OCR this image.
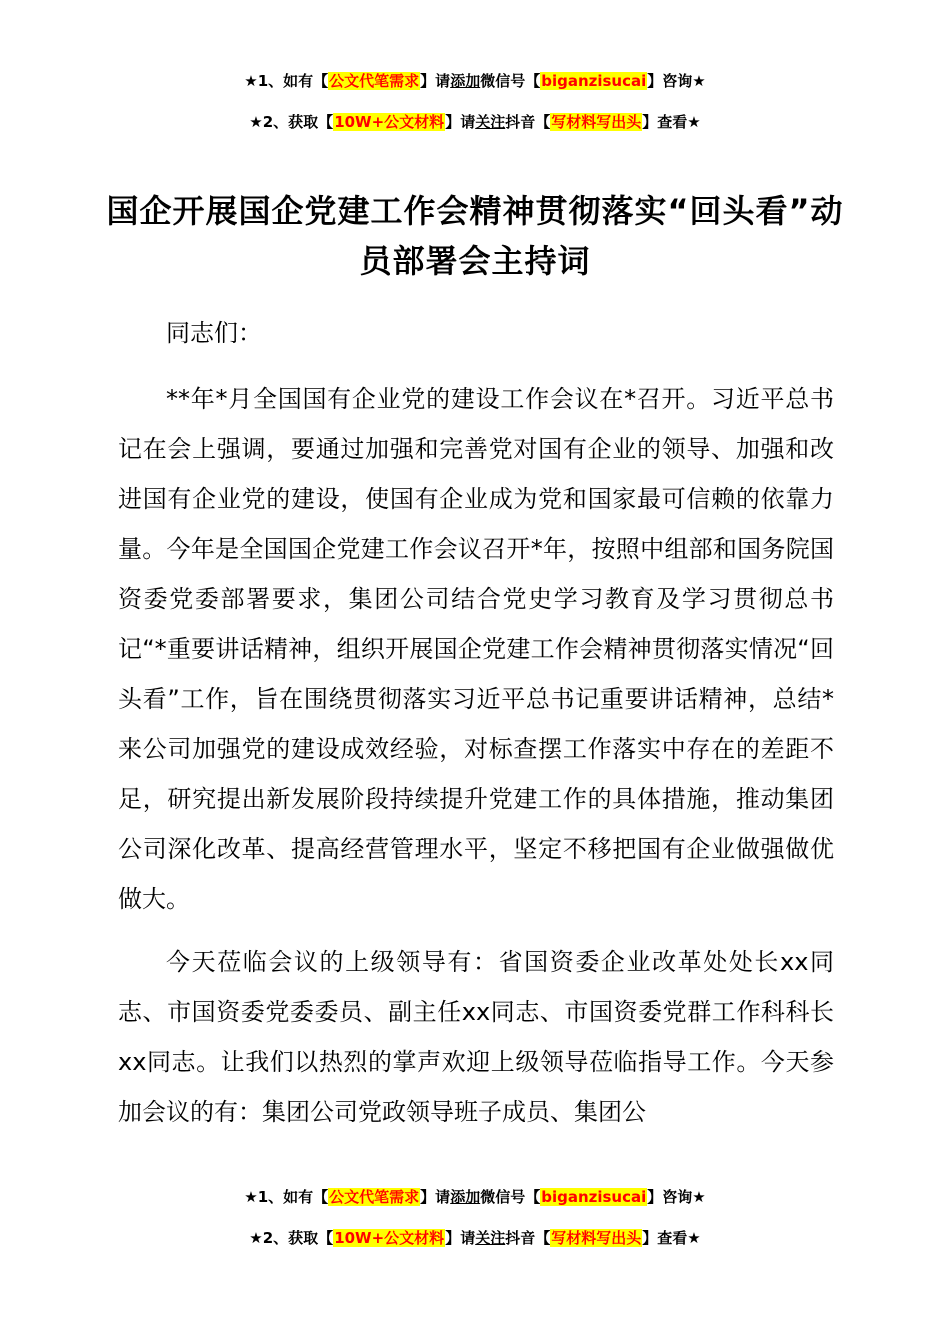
★1、如有【公文代笔需求】请添加微信号【biganzisucai】咨询★
★2、获取【10W+公文材料】请关注抖音【写材料写出头】查看★
国企开展国企党建工作会精神贯彻落实“回头看”动员部署会主持词

同志们：

**年*月全国国有企业党的建设工作会议在*召开。习近平总书记在会上强调，要通过加强和完善党对国有企业的领导、加强和改进国有企业党的建设，使国有企业成为党和国家最可信赖的依靠力量。今年是全国国企党建工作会议召开*年，按照中组部和国务院国资委党委部署要求，集团公司结合党史学习教育及学习贯彻总书记“*重要讲话精神，组织开展国企党建工作会精神贯彻落实情况“回头看”工作，旨在围绕贯彻落实习近平总书记重要讲话精神，总结*来公司加强党的建设成效经验，对标查摆工作落实中存在的差距不足，研究提出新发展阶段持续提升党建工作的具体措施，推动集团公司深化改革、提高经营管理水平，坚定不移把国有企业做强做优做大。

今天莅临会议的上级领导有：省国资委企业改革处处长xx同志、市国资委党委委员、副主任xx同志、市国资委党群工作科科长xx同志。让我们以热烈的掌声欢迎上级领导莅临指导工作。今天参加会议的有：集团公司党政领导班子成员、集团公

★1、如有【公文代笔需求】请添加微信号【biganzisucai】咨询★
★2、获取【10W+公文材料】请关注抖音【写材料写出头】查看★
